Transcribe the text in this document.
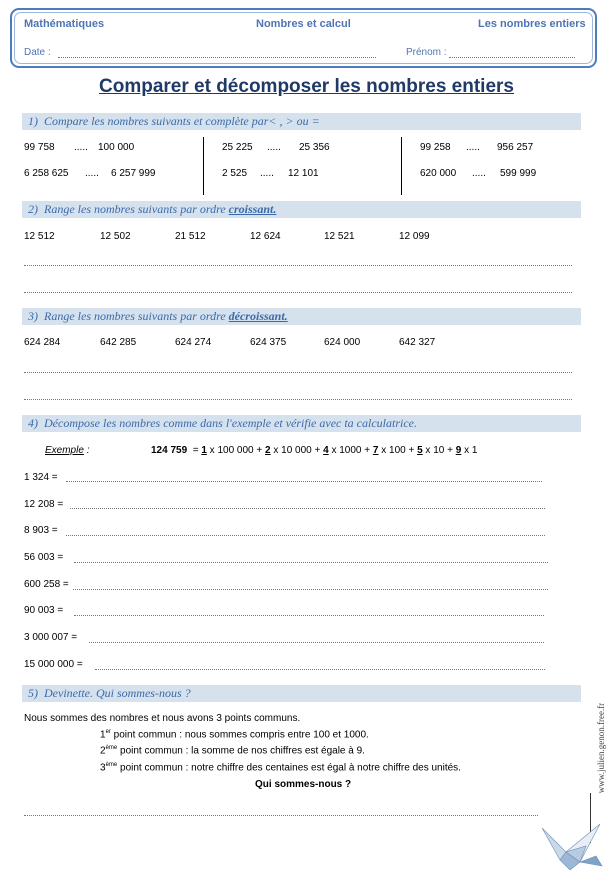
Mathématiques	Nombres et calcul	Les nombres entiers
Date :	Prénom :
Comparer et décomposer les nombres entiers
1) Compare les nombres suivants et complète par< , > ou =
99 758 ..... 100 000	25 225 ..... 25 356	99 258 ..... 956 257
6 258 625 ..... 6 257 999	2 525 ..... 12 101	620 000 ..... 599 999
2) Range les nombres suivants par ordre croissant.
12 512	12 502	21 512	12 624	12 521	12 099
3) Range les nombres suivants par ordre décroissant.
624 284	642 285	624 274	624 375	624 000	642 327
4) Décompose les nombres comme dans l'exemple et vérifie avec ta calculatrice.
Exemple :	124 759 = 1 x 100 000 + 2 x 10 000 + 4 x 1000 + 7 x 100 + 5 x 10 + 9 x 1
1 324 =
12 208 =
8 903 =
56 003 =
600 258 =
90 003 =
3 000 007 =
15 000 000 =
5) Devinette. Qui sommes-nous ?
Nous sommes des nombres et nous avons 3 points communs.
1er point commun : nous sommes compris entre 100 et 1000.
2ème point commun : la somme de nos chiffres est égale à 9.
3ème point commun : notre chiffre des centaines est égal à notre chiffre des unités.
Qui sommes-nous ?	www.julien.genon.free.fr
